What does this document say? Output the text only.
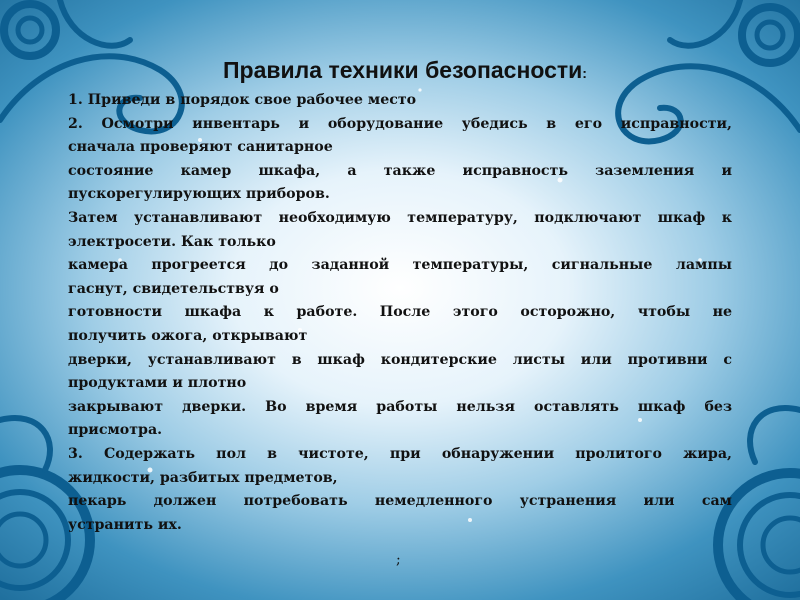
Правила техники безопасности:
1. Приведи в порядок свое рабочее место
2. Осмотри инвентарь и оборудование убедись в его исправности,
сначала проверяют санитарное
состояние камер шкафа, а также исправность заземления и
пускорегулирующих приборов.
Затем устанавливают необходимую температуру, подключают шкаф к
электросети. Как только
камера прогреется до заданной температуры, сигнальные лампы
гаснут, свидетельствуя о
готовности шкафа к работе. После этого осторожно, чтобы не
получить ожога, открывают
дверки, устанавливают в шкаф кондитерские листы или противни с
продуктами и плотно
закрывают дверки. Во время работы нельзя оставлять шкаф без
присмотра.
3. Содержать пол в чистоте, при обнаружении пролитого жира,
жидкости, разбитых предметов,
пекарь должен потребовать немедленного устранения или сам
устранить их.
;
